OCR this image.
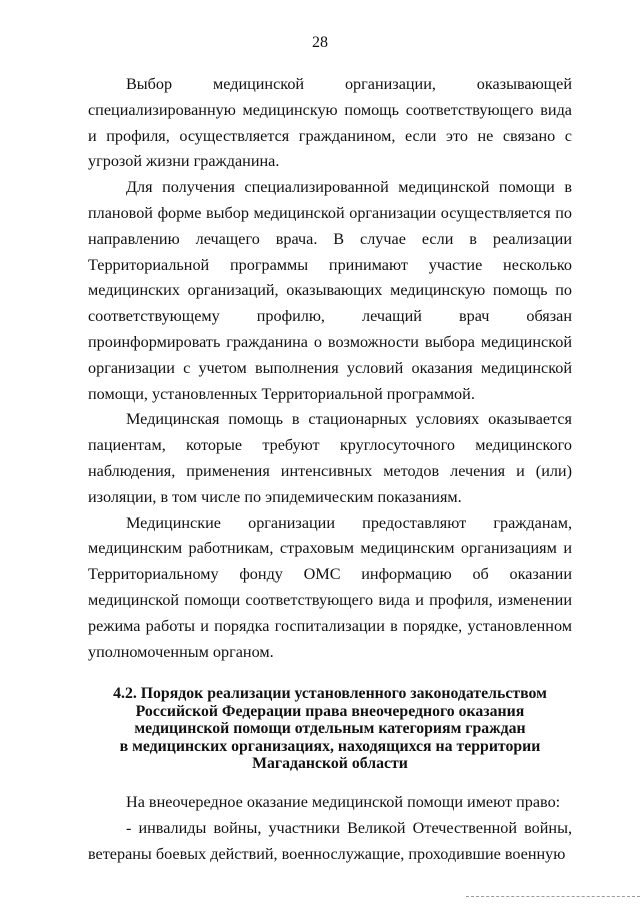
28

Выбор медицинской организации, оказывающей специализированную медицинскую помощь соответствующего вида и профиля, осуществляется гражданином, если это не связано с угрозой жизни гражданина.

Для получения специализированной медицинской помощи в плановой форме выбор медицинской организации осуществляется по направлению лечащего врача. В случае если в реализации Территориальной программы принимают участие несколько медицинских организаций, оказывающих медицинскую помощь по соответствующему профилю, лечащий врач обязан проинформировать гражданина о возможности выбора медицинской организации с учетом выполнения условий оказания медицинской помощи, установленных Территориальной программой.

Медицинская помощь в стационарных условиях оказывается пациентам, которые требуют круглосуточного медицинского наблюдения, применения интенсивных методов лечения и (или) изоляции, в том числе по эпидемическим показаниям.

Медицинские организации предоставляют гражданам, медицинским работникам, страховым медицинским организациям и Территориальному фонду ОМС информацию об оказании медицинской помощи соответствующего вида и профиля, изменении режима работы и порядка госпитализации в порядке, установленном уполномоченным органом.

4.2. Порядок реализации установленного законодательством
Российской Федерации права внеочередного оказания
медицинской помощи отдельным категориям граждан
в медицинских организациях, находящихся на территории
Магаданской области

На внеочередное оказание медицинской помощи имеют право:

- инвалиды войны, участники Великой Отечественной войны, ветераны боевых действий, военнослужащие, проходившие военную
